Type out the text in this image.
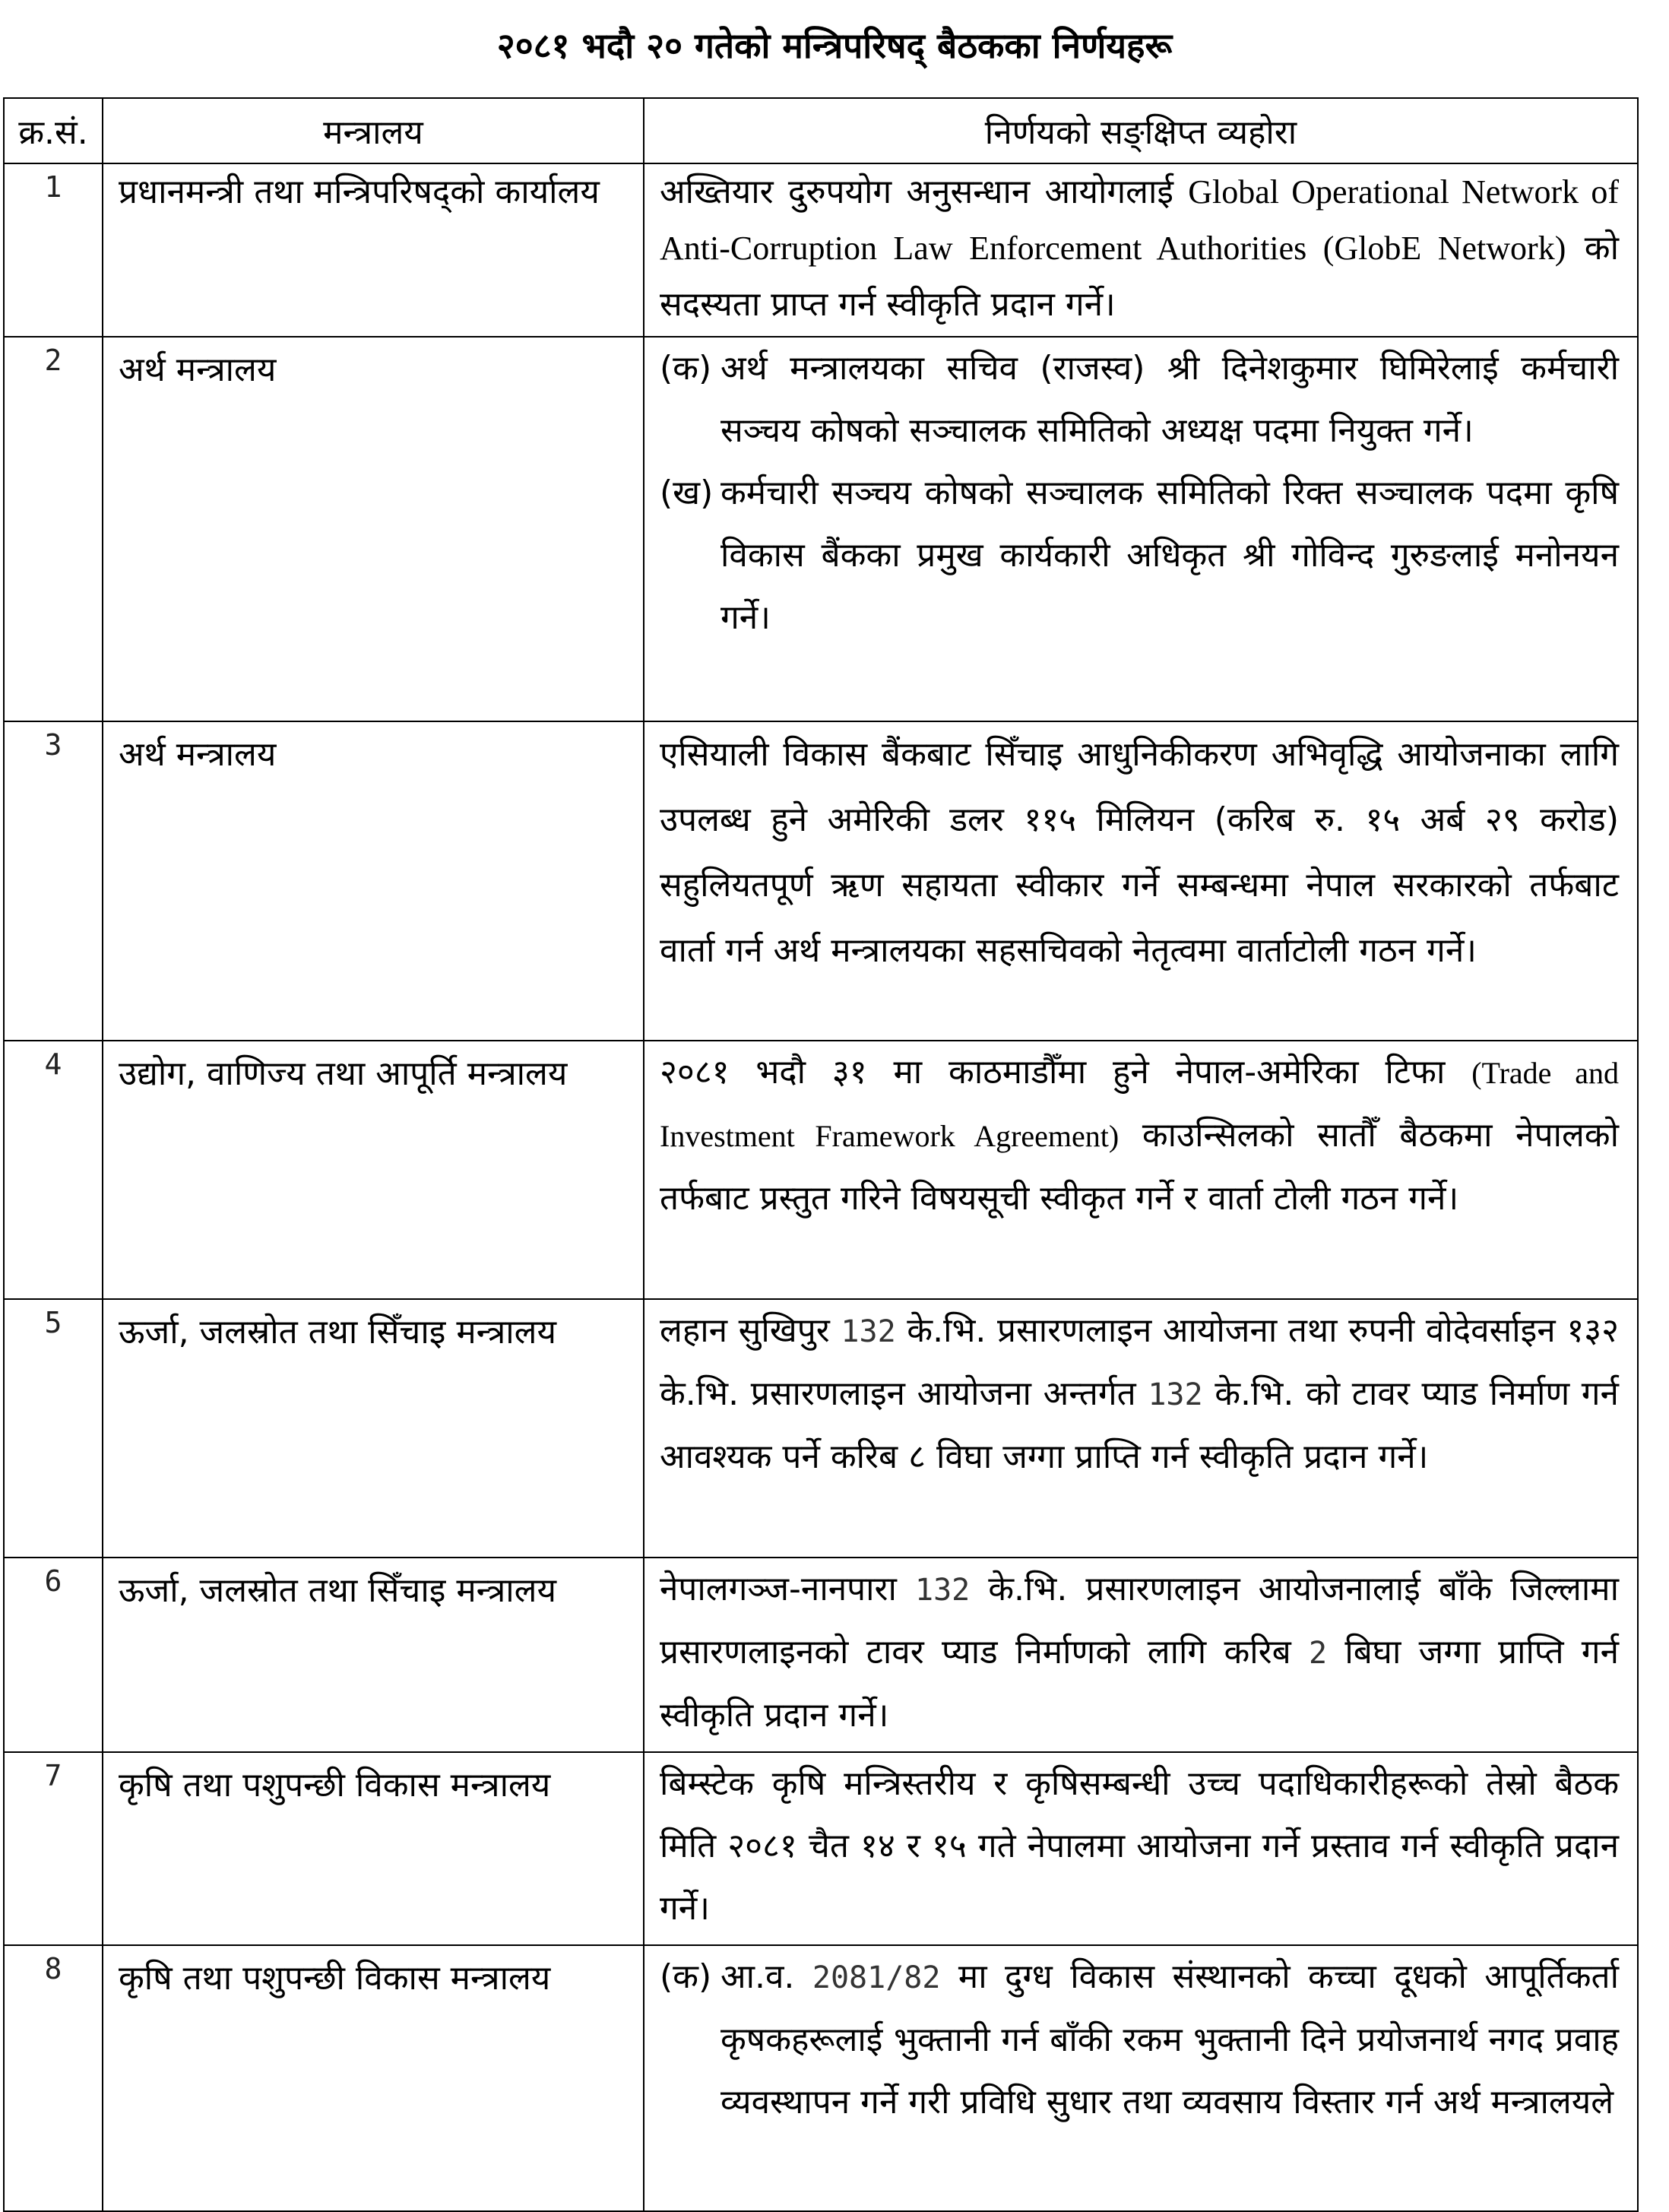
२०८१ भदौ २० गतेको मन्त्रिपरिषद् बैठकका निर्णयहरू
क्र.सं.	मन्त्रालय	निर्णयको सङ्क्षिप्त व्यहोरा
1	प्रधानमन्त्री तथा मन्त्रिपरिषद्को कार्यालय	अख्तियार दुरुपयोग अनुसन्धान आयोगलाई Global Operational Network of Anti-Corruption Law Enforcement Authorities (GlobE Network) को सदस्यता प्राप्त गर्न स्वीकृति प्रदान गर्ने।
2	अर्थ मन्त्रालय	(क) अर्थ मन्त्रालयका सचिव (राजस्व) श्री दिनेशकुमार घिमिरेलाई कर्मचारी सञ्चय कोषको सञ्चालक समितिको अध्यक्ष पदमा नियुक्त गर्ने।
(ख) कर्मचारी सञ्चय कोषको सञ्चालक समितिको रिक्त सञ्चालक पदमा कृषि विकास बैंकका प्रमुख कार्यकारी अधिकृत श्री गोविन्द गुरुङलाई मनोनयन गर्ने।

3	अर्थ मन्त्रालय	एसियाली विकास बैंकबाट सिँचाइ आधुनिकीकरण अभिवृद्धि आयोजनाका लागि उपलब्ध हुने अमेरिकी डलर ११५ मिलियन (करिब रु. १५ अर्ब २९ करोड) सहुलियतपूर्ण ऋण सहायता स्वीकार गर्ने सम्बन्धमा नेपाल सरकारको तर्फबाट वार्ता गर्न अर्थ मन्त्रालयका सहसचिवको नेतृत्वमा वार्ताटोली गठन गर्ने।
4	उद्योग, वाणिज्य तथा आपूर्ति मन्त्रालय	२०८१ भदौ ३१ मा काठमाडौँमा हुने नेपाल-अमेरिका टिफा (Trade and Investment Framework Agreement) काउन्सिलको सातौँ बैठकमा नेपालको तर्फबाट प्रस्तुत गरिने विषयसूची स्वीकृत गर्ने र वार्ता टोली गठन गर्ने।
5	ऊर्जा, जलस्रोत तथा सिँचाइ मन्त्रालय	लहान सुखिपुर 132 के.भि. प्रसारणलाइन आयोजना तथा रुपनी वोदेवर्साइन १३२ के.भि. प्रसारणलाइन आयोजना अन्तर्गत 132 के.भि. को टावर प्याड निर्माण गर्न आवश्यक पर्ने करिब ८ विघा जग्गा प्राप्ति गर्न स्वीकृति प्रदान गर्ने।
6	ऊर्जा, जलस्रोत तथा सिँचाइ मन्त्रालय	नेपालगञ्ज-नानपारा 132 के.भि. प्रसारणलाइन आयोजनालाई बाँके जिल्लामा प्रसारणलाइनको टावर प्याड निर्माणको लागि करिब 2 बिघा जग्गा प्राप्ति गर्न स्वीकृति प्रदान गर्ने।
7	कृषि तथा पशुपन्छी विकास मन्त्रालय	बिम्स्टेक कृषि मन्त्रिस्तरीय र कृषिसम्बन्धी उच्च पदाधिकारीहरूको तेस्रो बैठक मिति २०८१ चैत १४ र १५ गते नेपालमा आयोजना गर्ने प्रस्ताव गर्न स्वीकृति प्रदान गर्ने।
8	कृषि तथा पशुपन्छी विकास मन्त्रालय	(क) आ.व. 2081/82 मा दुग्ध विकास संस्थानको कच्चा दूधको आपूर्तिकर्ता कृषकहरूलाई भुक्तानी गर्न बाँकी रकम भुक्तानी दिने प्रयोजनार्थ नगद प्रवाह व्यवस्थापन गर्ने गरी प्रविधि सुधार तथा व्यवसाय विस्तार गर्न अर्थ मन्त्रालयले
